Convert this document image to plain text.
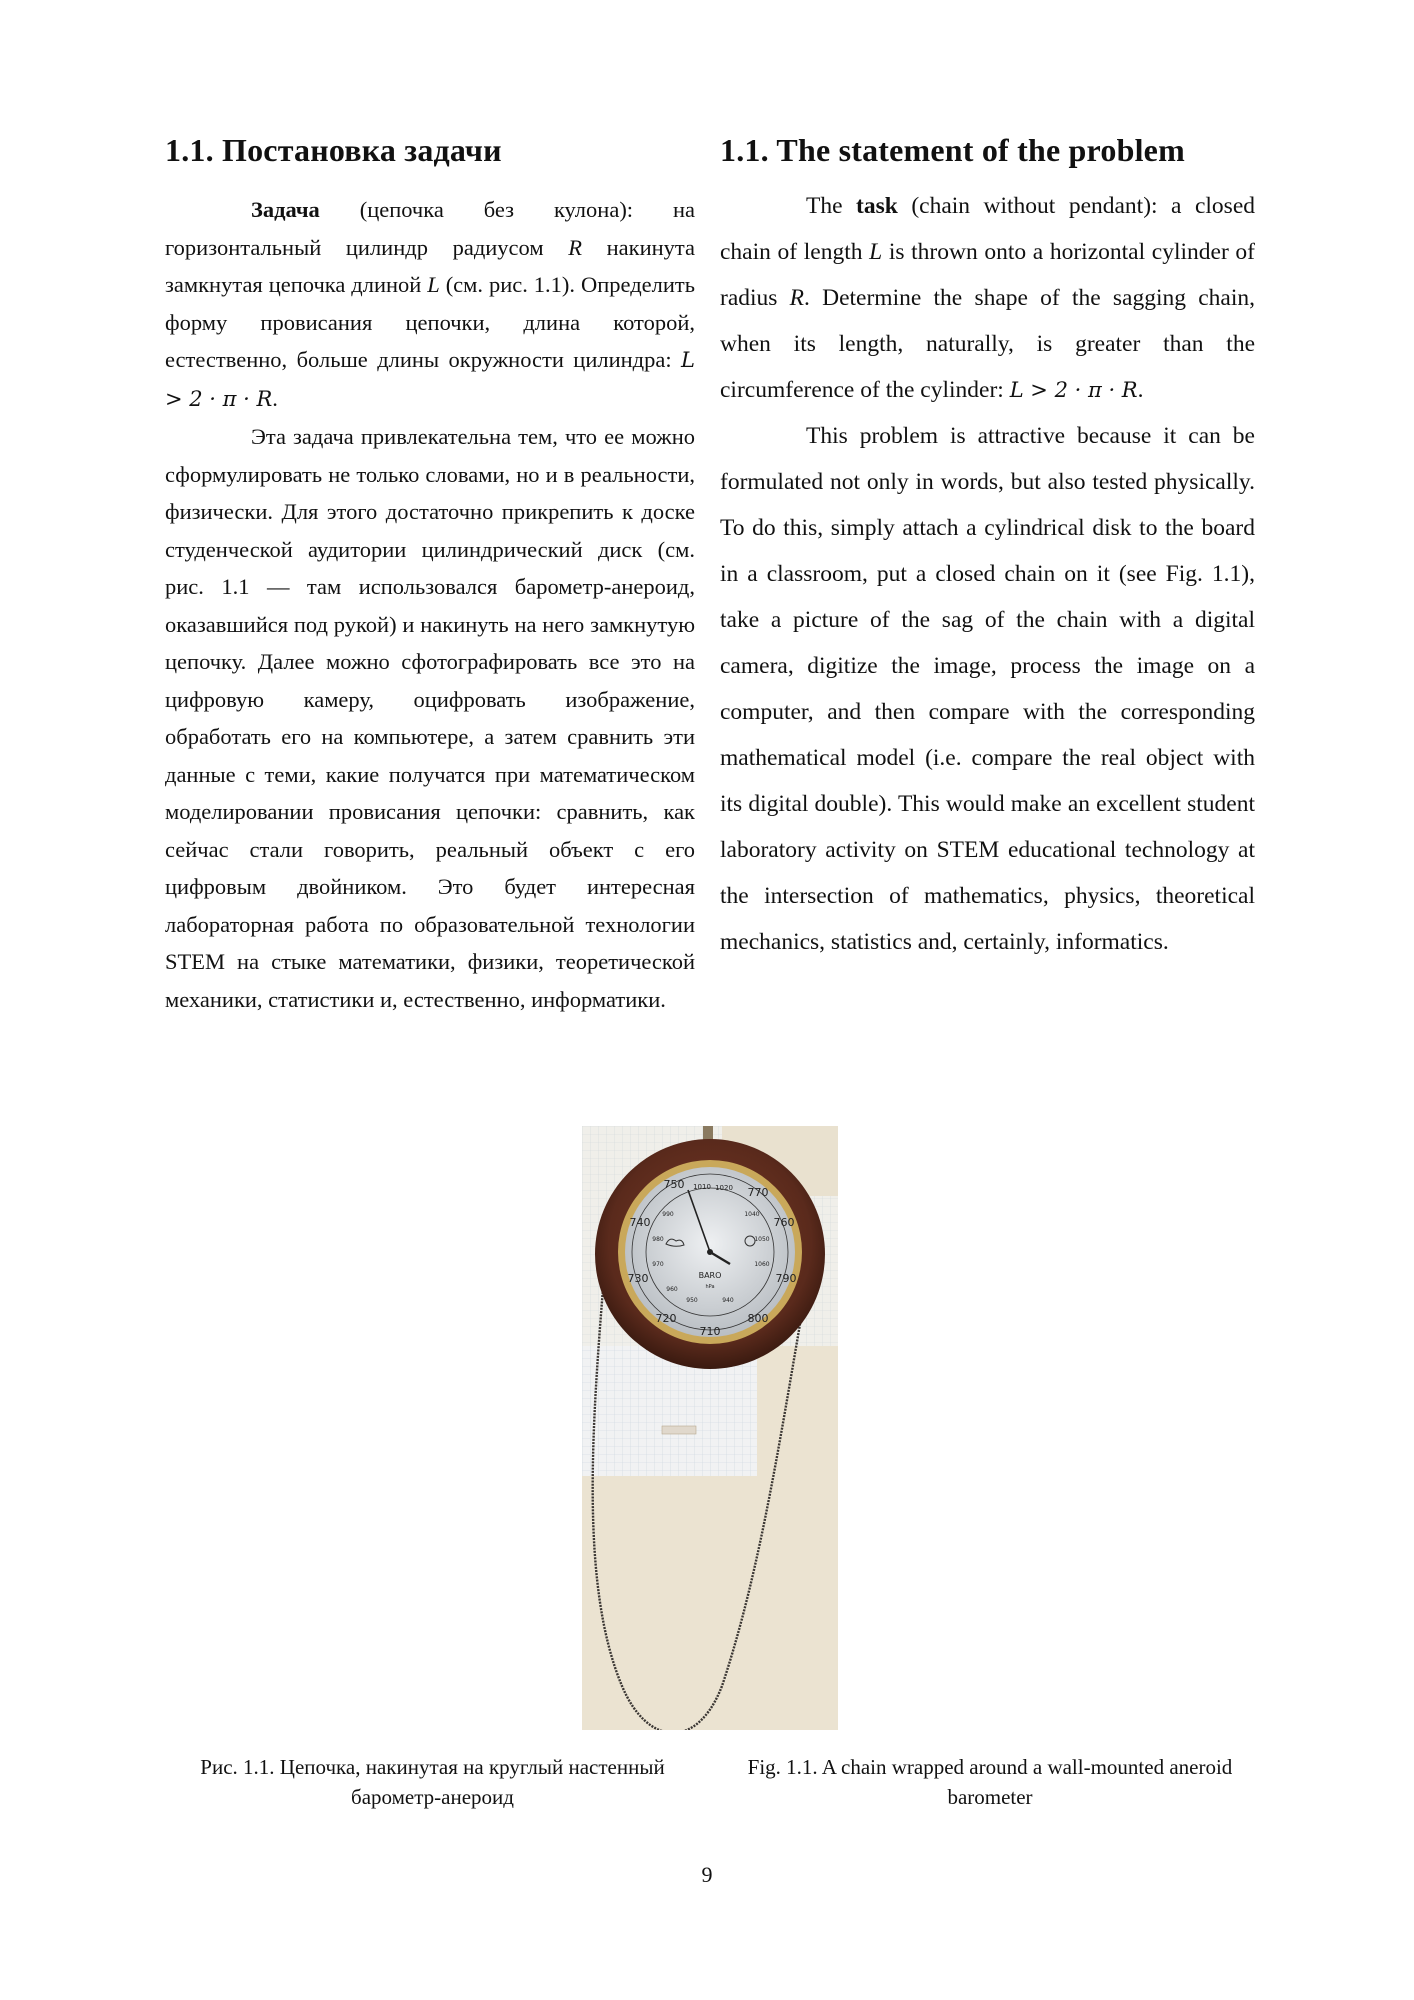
1.1. Постановка задачи

Задача (цепочка без кулона): на горизонтальный цилиндр радиусом R накинута замкнутая цепочка длиной L (см. рис. 1.1). Определить форму провисания цепочки, длина которой, естественно, больше длины окружности цилиндра: L > 2 · π · R.

Эта задача привлекательна тем, что ее можно сформулировать не только словами, но и в реальности, физически. Для этого достаточно прикрепить к доске студенческой аудитории цилиндрический диск (см. рис. 1.1 — там использовался барометр-анероид, оказавшийся под рукой) и накинуть на него замкнутую цепочку. Далее можно сфотографировать все это на цифровую камеру, оцифровать изображение, обработать его на компьютере, а затем сравнить эти данные с теми, какие получатся при математическом моделировании провисания цепочки: сравнить, как сейчас стали говорить, реальный объект с его цифровым двойником. Это будет интересная лабораторная работа по образовательной технологии STEM на стыке математики, физики, теоретической механики, статистики и, естественно, информатики.

1.1. The statement of the problem

The task (chain without pendant): a closed chain of length L is thrown onto a horizontal cylinder of radius R. Determine the shape of the sagging chain, when its length, naturally, is greater than the circumference of the cylinder: L > 2 · π · R.

This problem is attractive because it can be formulated not only in words, but also tested physically. To do this, simply attach a cylindrical disk to the board in a classroom, put a closed chain on it (see Fig. 1.1), take a picture of the sag of the chain with a digital camera, digitize the image, process the image on a computer, and then compare with the corresponding mathematical model (i.e. compare the real object with its digital double). This would make an excellent student laboratory activity on STEM educational technology at the intersection of mathematics, physics, theoretical mechanics, statistics and, certainly, informatics.

750 1010 1020 770
740	760
730	790
720	800
710
990	1040
980	1050
970	1060
960
950	940
BARO
hPa
Рис. 1.1. Цепочка, накинутая на круглый настенный барометр-анероид
Fig. 1.1. A chain wrapped around a wall-mounted aneroid barometer
9
